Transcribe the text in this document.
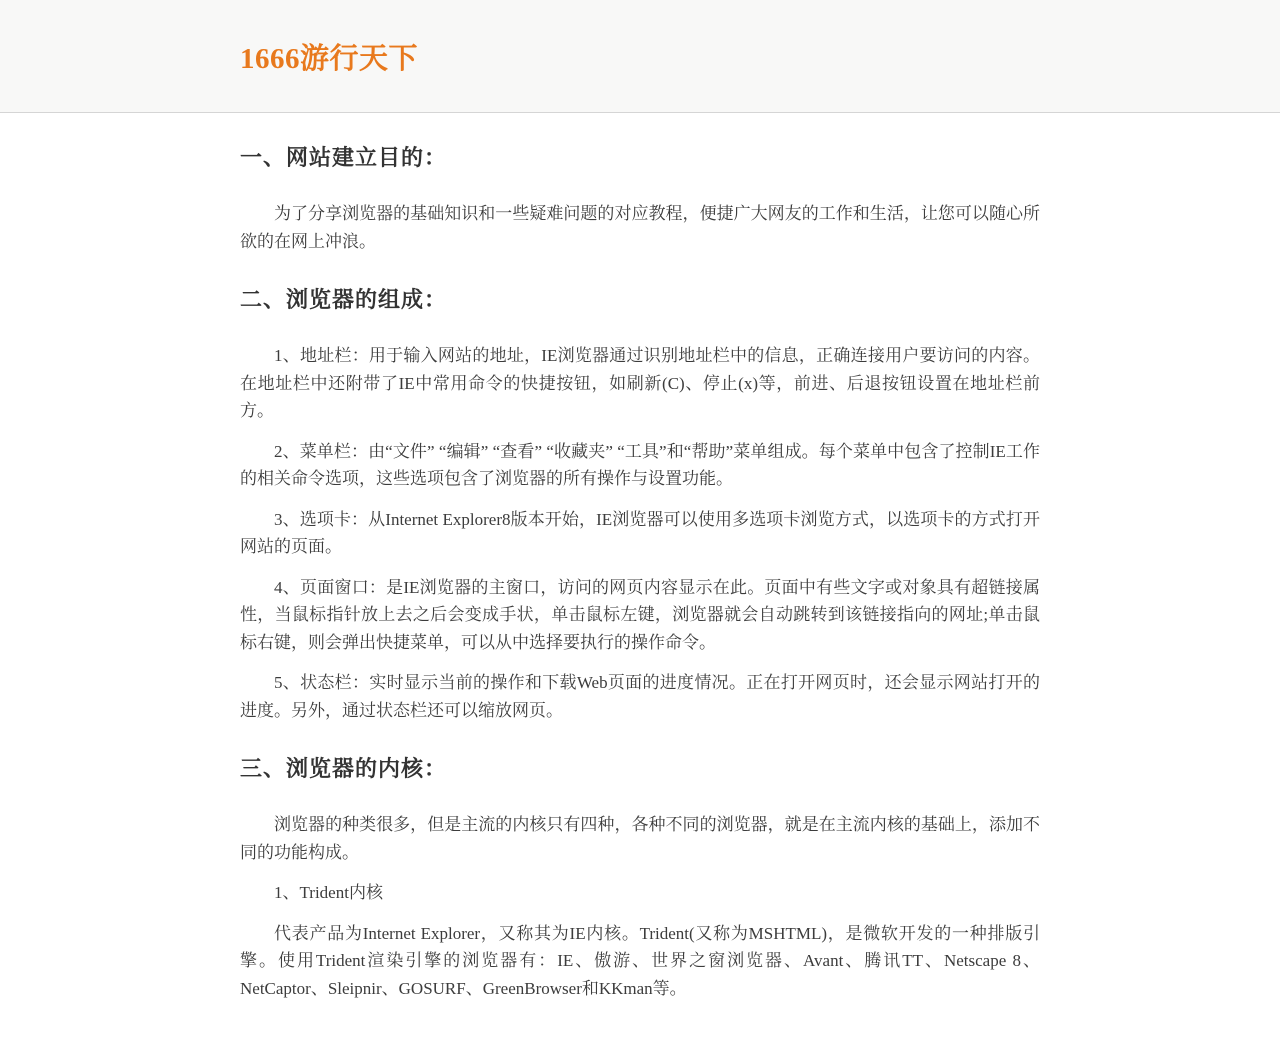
1666游行天下
一、网站建立目的：

为了分享浏览器的基础知识和一些疑难问题的对应教程，便捷广大网友的工作和生活，让您可以随心所欲的在网上冲浪。

二、浏览器的组成：

1、地址栏：用于输入网站的地址，IE浏览器通过识别地址栏中的信息，正确连接用户要访问的内容。在地址栏中还附带了IE中常用命令的快捷按钮，如刷新(C)、停止(x)等，前进、后退按钮设置在地址栏前方。

2、菜单栏：由“文件” “编辑” “查看” “收藏夹” “工具”和“帮助”菜单组成。每个菜单中包含了控制IE工作的相关命令选项，这些选项包含了浏览器的所有操作与设置功能。

3、选项卡：从Internet Explorer8版本开始，IE浏览器可以使用多选项卡浏览方式，以选项卡的方式打开网站的页面。

4、页面窗口：是IE浏览器的主窗口，访问的网页内容显示在此。页面中有些文字或对象具有超链接属性，当鼠标指针放上去之后会变成手状，单击鼠标左键，浏览器就会自动跳转到该链接指向的网址;单击鼠标右键，则会弹出快捷菜单，可以从中选择要执行的操作命令。

5、状态栏：实时显示当前的操作和下载Web页面的进度情况。正在打开网页时，还会显示网站打开的进度。另外，通过状态栏还可以缩放网页。

三、浏览器的内核：

浏览器的种类很多，但是主流的内核只有四种，各种不同的浏览器，就是在主流内核的基础上，添加不同的功能构成。

1、Trident内核

代表产品为Internet Explorer，又称其为IE内核。Trident(又称为MSHTML)，是微软开发的一种排版引擎。使用Trident渲染引擎的浏览器有：IE、傲游、世界之窗浏览器、Avant、腾讯TT、Netscape 8、NetCaptor、Sleipnir、GOSURF、GreenBrowser和KKman等。
